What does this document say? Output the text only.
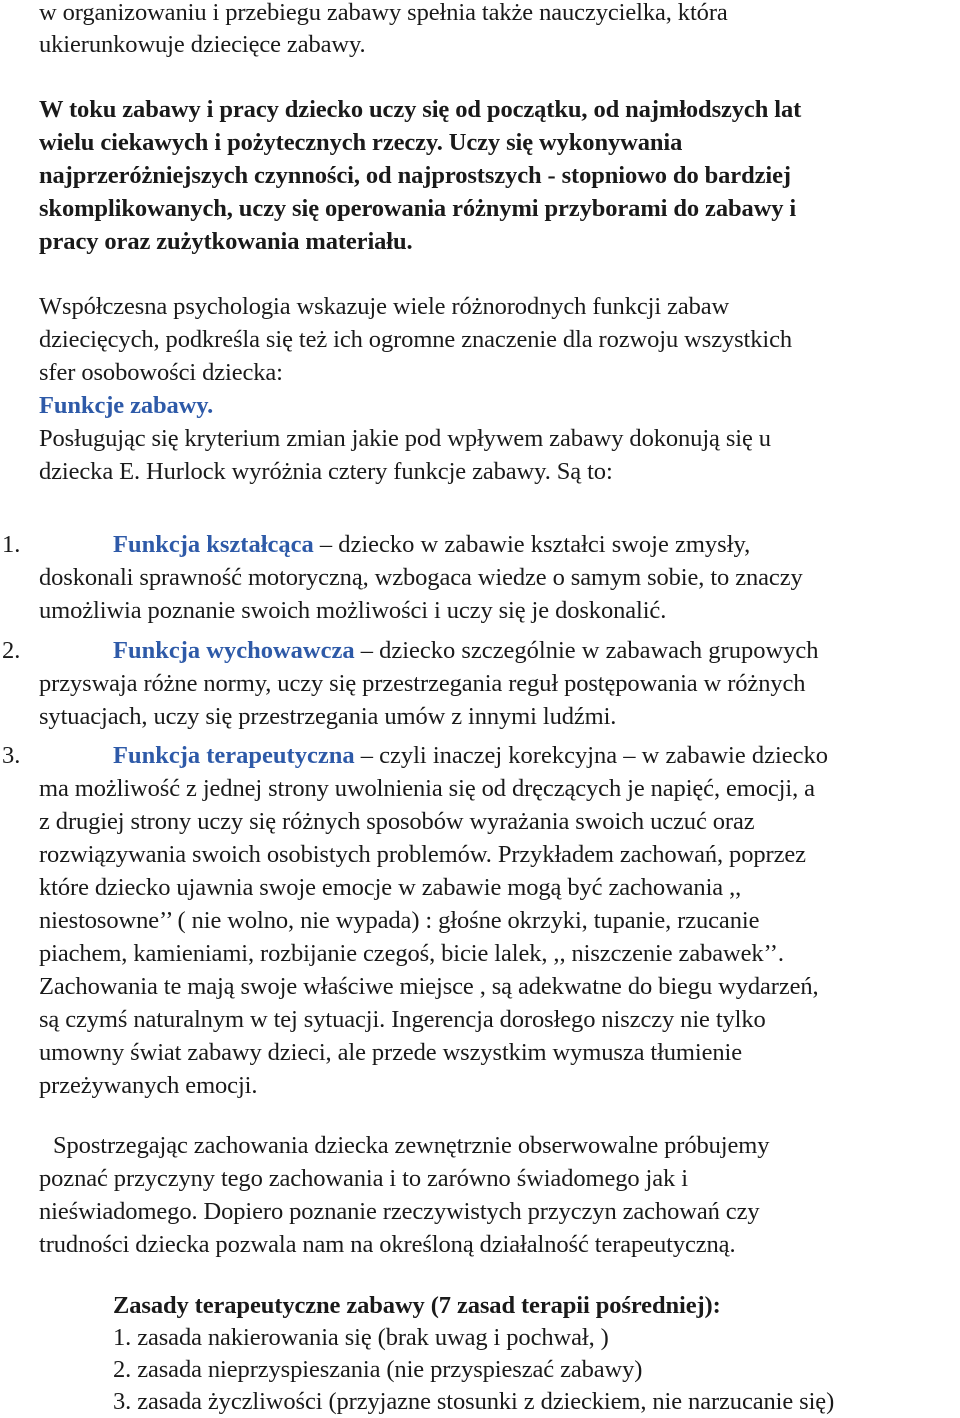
w organizowaniu i przebiegu zabawy spełnia także nauczycielka, która
ukierunkowuje dziecięce zabawy.
W toku zabawy i pracy dziecko uczy się od początku, od najmłodszych lat
wielu ciekawych i pożytecznych rzeczy. Uczy się wykonywania
najprzeróżniejszych czynności, od najprostszych - stopniowo do bardziej
skomplikowanych, uczy się operowania różnymi przyborami do zabawy i
pracy oraz zużytkowania materiału.
Współczesna psychologia wskazuje wiele różnorodnych funkcji zabaw
dziecięcych, podkreśla się też ich ogromne znaczenie dla rozwoju wszystkich
sfer osobowości dziecka:
Funkcje zabawy.
Posługując się kryterium zmian jakie pod wpływem zabawy dokonują się u
dziecka E. Hurlock wyróżnia cztery funkcje zabawy. Są to:
1.	Funkcja kształcąca – dziecko w zabawie kształci swoje zmysły,
doskonali sprawność motoryczną, wzbogaca wiedze o samym sobie, to znaczy
umożliwia poznanie swoich możliwości i uczy się je doskonalić.
2.	Funkcja wychowawcza – dziecko szczególnie w zabawach grupowych
przyswaja różne normy, uczy się przestrzegania reguł postępowania w różnych
sytuacjach, uczy się przestrzegania umów z innymi ludźmi.
3.	Funkcja terapeutyczna – czyli inaczej korekcyjna – w zabawie dziecko
ma możliwość z jednej strony uwolnienia się od dręczących je napięć, emocji, a
z drugiej strony uczy się różnych sposobów wyrażania swoich uczuć oraz
rozwiązywania swoich osobistych problemów. Przykładem zachowań, poprzez
które dziecko ujawnia swoje emocje w zabawie mogą być zachowania ,,
niestosowne’’ ( nie wolno, nie wypada) : głośne okrzyki, tupanie, rzucanie
piachem, kamieniami, rozbijanie czegoś, bicie lalek, ,, niszczenie zabawek’’.
Zachowania te mają swoje właściwe miejsce , są adekwatne do biegu wydarzeń,
są czymś naturalnym w tej sytuacji. Ingerencja dorosłego niszczy nie tylko
umowny świat zabawy dzieci, ale przede wszystkim wymusza tłumienie
przeżywanych emocji.
Spostrzegając zachowania dziecka zewnętrznie obserwowalne próbujemy
poznać przyczyny tego zachowania i to zarówno świadomego jak i
nieświadomego. Dopiero poznanie rzeczywistych przyczyn zachowań czy
trudności dziecka pozwala nam na określoną działalność terapeutyczną.
Zasady terapeutyczne zabawy (7 zasad terapii pośredniej):
1. zasada nakierowania się (brak uwag i pochwał, )
2. zasada nieprzyspieszania (nie przyspieszać zabawy)
3. zasada życzliwości (przyjazne stosunki z dzieckiem, nie narzucanie się)
